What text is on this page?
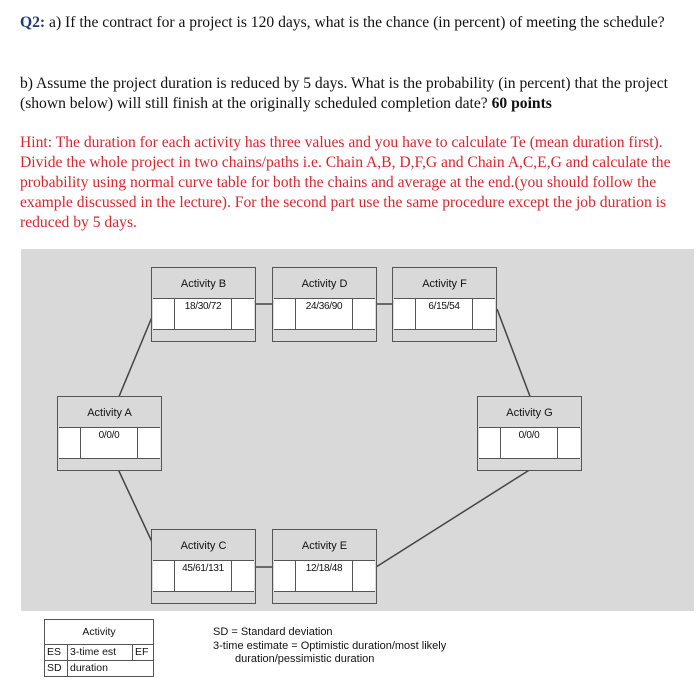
Q2: a) If the contract for a project is 120 days, what is the chance (in percent) of meeting the schedule?
b) Assume the project duration is reduced by 5 days. What is the probability (in percent) that the project (shown below) will still finish at the originally scheduled completion date? 60 points
Hint: The duration for each activity has three values and you have to calculate Te (mean duration first). Divide the whole project in two chains/paths i.e. Chain A,B, D,F,G and Chain A,C,E,G and calculate the probability using normal curve table for both the chains and average at the end.(you should follow the example discussed in the lecture). For the second part use the same procedure except the job duration is reduced by 5 days.
Activity B
18/30/72
Activity D
24/36/90
Activity F
6/15/54
Activity A
0/0/0
Activity G
0/0/0
Activity C
45/61/131
Activity E
12/18/48
Activity
ES 3-time est	EF
SD duration
SD = Standard deviation
3-time estimate = Optimistic duration/most likely
duration/pessimistic duration
